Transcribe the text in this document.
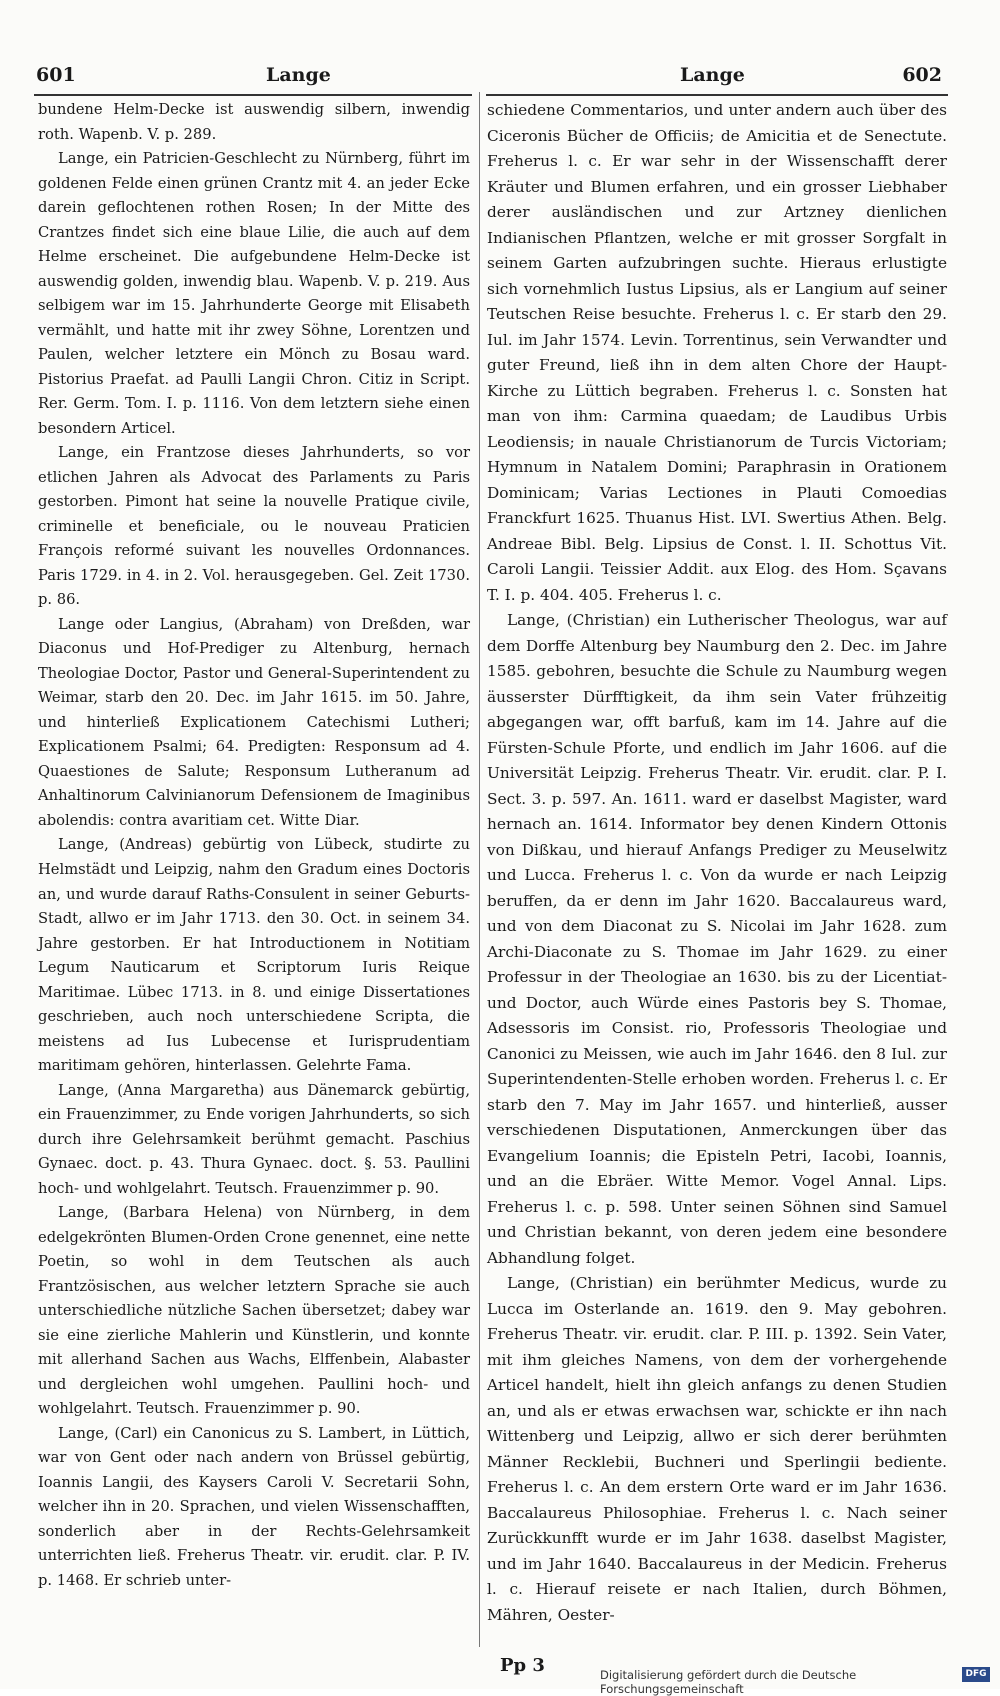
601	Lange	Lange	602

bundene Helm-Decke ist auswendig silbern, inwendig roth. Wapenb. V. p. 289.

Lange, ein Patricien-Geschlecht zu Nürnberg, führt im goldenen Felde einen grünen Crantz mit 4. an jeder Ecke darein geflochtenen rothen Rosen; In der Mitte des Crantzes findet sich eine blaue Lilie, die auch auf dem Helme erscheinet. Die aufgebundene Helm-Decke ist auswendig golden, inwendig blau. Wapenb. V. p. 219. Aus selbigem war im 15. Jahrhunderte George mit Elisabeth vermählt, und hatte mit ihr zwey Söhne, Lorentzen und Paulen, welcher letztere ein Mönch zu Bosau ward. Pistorius Praefat. ad Paulli Langii Chron. Citiz in Script. Rer. Germ. Tom. I. p. 1116. Von dem letztern siehe einen besondern Articel.

Lange, ein Frantzose dieses Jahrhunderts, so vor etlichen Jahren als Advocat des Parlaments zu Paris gestorben. Pimont hat seine la nouvelle Pratique civile, criminelle et beneficiale, ou le nouveau Praticien François reformé suivant les nouvelles Ordonnances. Paris 1729. in 4. in 2. Vol. herausgegeben. Gel. Zeit 1730. p. 86.

Lange oder Langius, (Abraham) von Dreßden, war Diaconus und Hof-Prediger zu Altenburg, hernach Theologiae Doctor, Pastor und General-Superintendent zu Weimar, starb den 20. Dec. im Jahr 1615. im 50. Jahre, und hinterließ Explicationem Catechismi Lutheri; Explicationem Psalmi; 64. Predigten: Responsum ad 4. Quaestiones de Salute; Responsum Lutheranum ad Anhaltinorum Calvinianorum Defensionem de Imaginibus abolendis: contra avaritiam cet. Witte Diar.

Lange, (Andreas) gebürtig von Lübeck, studirte zu Helmstädt und Leipzig, nahm den Gradum eines Doctoris an, und wurde darauf Raths-Consulent in seiner Geburts-Stadt, allwo er im Jahr 1713. den 30. Oct. in seinem 34. Jahre gestorben. Er hat Introductionem in Notitiam Legum Nauticarum et Scriptorum Iuris Reique Maritimae. Lübec 1713. in 8. und einige Dissertationes geschrieben, auch noch unterschiedene Scripta, die meistens ad Ius Lubecense et Iurisprudentiam maritimam gehören, hinterlassen. Gelehrte Fama.

Lange, (Anna Margaretha) aus Dänemarck gebürtig, ein Frauenzimmer, zu Ende vorigen Jahrhunderts, so sich durch ihre Gelehrsamkeit berühmt gemacht. Paschius Gynaec. doct. p. 43. Thura Gynaec. doct. §. 53. Paullini hoch- und wohlgelahrt. Teutsch. Frauenzimmer p. 90.

Lange, (Barbara Helena) von Nürnberg, in dem edelgekrönten Blumen-Orden Crone genennet, eine nette Poetin, so wohl in dem Teutschen als auch Frantzösischen, aus welcher letztern Sprache sie auch unterschiedliche nützliche Sachen übersetzet; dabey war sie eine zierliche Mahlerin und Künstlerin, und konnte mit allerhand Sachen aus Wachs, Elffenbein, Alabaster und dergleichen wohl umgehen. Paullini hoch- und wohlgelahrt. Teutsch. Frauenzimmer p. 90.

Lange, (Carl) ein Canonicus zu S. Lambert, in Lüttich, war von Gent oder nach andern von Brüssel gebürtig, Ioannis Langii, des Kaysers Caroli V. Secretarii Sohn, welcher ihn in 20. Sprachen, und vielen Wissenschafften, sonderlich aber in der Rechts-Gelehrsamkeit unterrichten ließ. Freherus Theatr. vir. erudit. clar. P. IV. p. 1468. Er schrieb unter-

schiedene Commentarios, und unter andern auch über des Ciceronis Bücher de Officiis; de Amicitia et de Senectute. Freherus l. c. Er war sehr in der Wissenschafft derer Kräuter und Blumen erfahren, und ein grosser Liebhaber derer ausländischen und zur Artzney dienlichen Indianischen Pflantzen, welche er mit grosser Sorgfalt in seinem Garten aufzubringen suchte. Hieraus erlustigte sich vornehmlich Iustus Lipsius, als er Langium auf seiner Teutschen Reise besuchte. Freherus l. c. Er starb den 29. Iul. im Jahr 1574. Levin. Torrentinus, sein Verwandter und guter Freund, ließ ihn in dem alten Chore der Haupt-Kirche zu Lüttich begraben. Freherus l. c. Sonsten hat man von ihm: Carmina quaedam; de Laudibus Urbis Leodiensis; in nauale Christianorum de Turcis Victoriam; Hymnum in Natalem Domini; Paraphrasin in Orationem Dominicam; Varias Lectiones in Plauti Comoedias Franckfurt 1625. Thuanus Hist. LVI. Swertius Athen. Belg. Andreae Bibl. Belg. Lipsius de Const. l. II. Schottus Vit. Caroli Langii. Teissier Addit. aux Elog. des Hom. Sçavans T. I. p. 404. 405. Freherus l. c.

Lange, (Christian) ein Lutherischer Theologus, war auf dem Dorffe Altenburg bey Naumburg den 2. Dec. im Jahre 1585. gebohren, besuchte die Schule zu Naumburg wegen äusserster Dürfftigkeit, da ihm sein Vater frühzeitig abgegangen war, offt barfuß, kam im 14. Jahre auf die Fürsten-Schule Pforte, und endlich im Jahr 1606. auf die Universität Leipzig. Freherus Theatr. Vir. erudit. clar. P. I. Sect. 3. p. 597. An. 1611. ward er daselbst Magister, ward hernach an. 1614. Informator bey denen Kindern Ottonis von Dißkau, und hierauf Anfangs Prediger zu Meuselwitz und Lucca. Freherus l. c. Von da wurde er nach Leipzig beruffen, da er denn im Jahr 1620. Baccalaureus ward, und von dem Diaconat zu S. Nicolai im Jahr 1628. zum Archi-Diaconate zu S. Thomae im Jahr 1629. zu einer Professur in der Theologiae an 1630. bis zu der Licentiat- und Doctor, auch Würde eines Pastoris bey S. Thomae, Adsessoris im Consist. rio, Professoris Theologiae und Canonici zu Meissen, wie auch im Jahr 1646. den 8 Iul. zur Superintendenten-Stelle erhoben worden. Freherus l. c. Er starb den 7. May im Jahr 1657. und hinterließ, ausser verschiedenen Disputationen, Anmerckungen über das Evangelium Ioannis; die Episteln Petri, Iacobi, Ioannis, und an die Ebräer. Witte Memor. Vogel Annal. Lips. Freherus l. c. p. 598. Unter seinen Söhnen sind Samuel und Christian bekannt, von deren jedem eine besondere Abhandlung folget.

Lange, (Christian) ein berühmter Medicus, wurde zu Lucca im Osterlande an. 1619. den 9. May gebohren. Freherus Theatr. vir. erudit. clar. P. III. p. 1392. Sein Vater, mit ihm gleiches Namens, von dem der vorhergehende Articel handelt, hielt ihn gleich anfangs zu denen Studien an, und als er etwas erwachsen war, schickte er ihn nach Wittenberg und Leipzig, allwo er sich derer berühmten Männer Recklebii, Buchneri und Sperlingii bediente. Freherus l. c. An dem erstern Orte ward er im Jahr 1636. Baccalaureus Philosophiae. Freherus l. c. Nach seiner Zurückkunfft wurde er im Jahr 1638. daselbst Magister, und im Jahr 1640. Baccalaureus in der Medicin. Freherus l. c. Hierauf reisete er nach Italien, durch Böhmen, Mähren, Oester-

Pp 3	Digitalisierung gefördert durch die Deutsche Forschungsgemeinschaft
DFG
